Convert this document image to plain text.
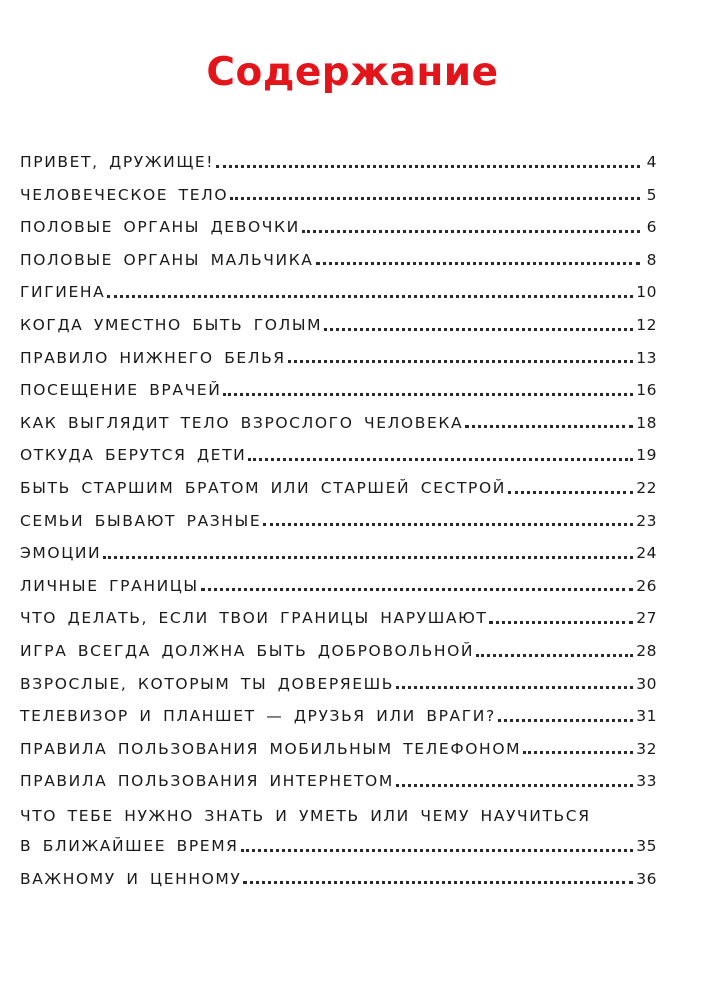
Содержание
ПРИВЕТ, ДРУЖИЩЕ!	4
ЧЕЛОВЕЧЕСКОЕ ТЕЛО	5
ПОЛОВЫЕ ОРГАНЫ ДЕВОЧКИ	6
ПОЛОВЫЕ ОРГАНЫ МАЛЬЧИКА	8
ГИГИЕНА	10
КОГДА УМЕСТНО БЫТЬ ГОЛЫМ	12
ПРАВИЛО НИЖНЕГО БЕЛЬЯ	13
ПОСЕЩЕНИЕ ВРАЧЕЙ	16
КАК ВЫГЛЯДИТ ТЕЛО ВЗРОСЛОГО ЧЕЛОВЕКА	18
ОТКУДА БЕРУТСЯ ДЕТИ	19
БЫТЬ СТАРШИМ БРАТОМ ИЛИ СТАРШЕЙ СЕСТРОЙ	22
СЕМЬИ БЫВАЮТ РАЗНЫЕ	23
ЭМОЦИИ	24
ЛИЧНЫЕ ГРАНИЦЫ	26
ЧТО ДЕЛАТЬ, ЕСЛИ ТВОИ ГРАНИЦЫ НАРУШАЮТ	27
ИГРА ВСЕГДА ДОЛЖНА БЫТЬ ДОБРОВОЛЬНОЙ	28
ВЗРОСЛЫЕ, КОТОРЫМ ТЫ ДОВЕРЯЕШЬ	30
ТЕЛЕВИЗОР И ПЛАНШЕТ — ДРУЗЬЯ ИЛИ ВРАГИ?	31
ПРАВИЛА ПОЛЬЗОВАНИЯ МОБИЛЬНЫМ ТЕЛЕФОНОМ	32
ПРАВИЛА ПОЛЬЗОВАНИЯ ИНТЕРНЕТОМ	33
ЧТО ТЕБЕ НУЖНО ЗНАТЬ И УМЕТЬ ИЛИ ЧЕМУ НАУЧИТЬСЯ
В БЛИЖАЙШЕЕ ВРЕМЯ	35
ВАЖНОМУ И ЦЕННОМУ	36
